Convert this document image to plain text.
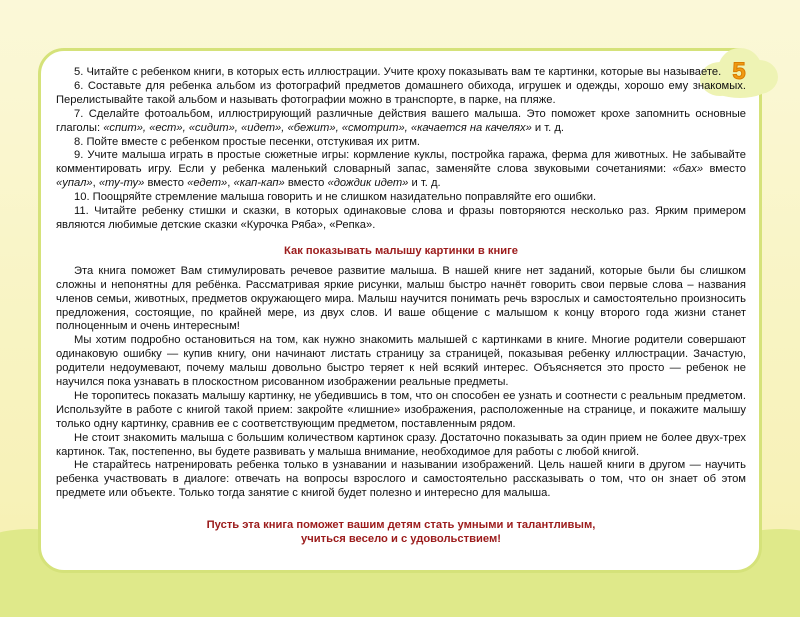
5

5. Читайте с ребенком книги, в которых есть иллюстрации. Учите кроху показывать вам те картинки, которые вы называете.

6. Составьте для ребенка альбом из фотографий предметов домашнего обихода, игрушек и одежды, хорошо ему знакомых. Перелистывайте такой альбом и называть фотографии можно в транспорте, в парке, на пляже.

7. Сделайте фотоальбом, иллюстрирующий различные действия вашего малыша. Это поможет крохе запомнить основные глаголы: «спит», «ест», «сидит», «идет», «бежит», «смотрит», «качается на качелях» и т. д.

8. Пойте вместе с ребенком простые песенки, отстукивая их ритм.

9. Учите малыша играть в простые сюжетные игры: кормление куклы, постройка гаража, ферма для животных. Не забывайте комментировать игру. Если у ребенка маленький словарный запас, заменяйте слова звуковыми сочетаниями: «бах» вместо «упал», «ту-ту» вместо «едет», «кап-кап» вместо «дождик идет» и т. д.

10. Поощряйте стремление малыша говорить и не слишком назидательно поправляйте его ошибки.

11. Читайте ребенку стишки и сказки, в которых одинаковые слова и фразы повторяются несколько раз. Ярким примером являются любимые детские сказки «Курочка Ряба», «Репка».

Как показывать малышу картинки в книге

Эта книга поможет Вам стимулировать речевое развитие малыша. В нашей книге нет заданий, которые были бы слишком сложны и непонятны для ребёнка. Рассматривая яркие рисунки, малыш быстро начнёт говорить свои первые слова – названия членов семьи, животных, предметов окружающего мира. Малыш научится понимать речь взрослых и самостоятельно произносить предложения, состоящие, по крайней мере, из двух слов. И ваше общение с малышом к концу второго года жизни станет полноценным и очень интересным!

Мы хотим подробно остановиться на том, как нужно знакомить малышей с картинками в книге. Многие родители совершают одинаковую ошибку — купив книгу, они начинают листать страницу за страницей, показывая ребенку иллюстрации. Зачастую, родители недоумевают, почему малыш довольно быстро теряет к ней всякий интерес. Объясняется это просто — ребенок не научился пока узнавать в плоскостном рисованном изображении реальные предметы.

Не торопитесь показать малышу картинку, не убедившись в том, что он способен ее узнать и соотнести с реальным предметом. Используйте в работе с книгой такой прием: закройте «лишние» изображения, расположенные на странице, и покажите малышу только одну картинку, сравнив ее с соответствующим предметом, поставленным рядом.

Не стоит знакомить малыша с большим количеством картинок сразу. Достаточно показывать за один прием не более двух-трех картинок. Так, постепенно, вы будете развивать у малыша внимание, необходимое для работы с любой книгой.

Не старайтесь натренировать ребенка только в узнавании и назывании изображений. Цель нашей книги в другом — научить ребенка участвовать в диалоге: отвечать на вопросы взрослого и самостоятельно рассказывать о том, что он знает об этом предмете или объекте. Только тогда занятие с книгой будет полезно и интересно для малыша.

Пусть эта книга поможет вашим детям стать умными и талантливым,
учиться весело и с удовольствием!
